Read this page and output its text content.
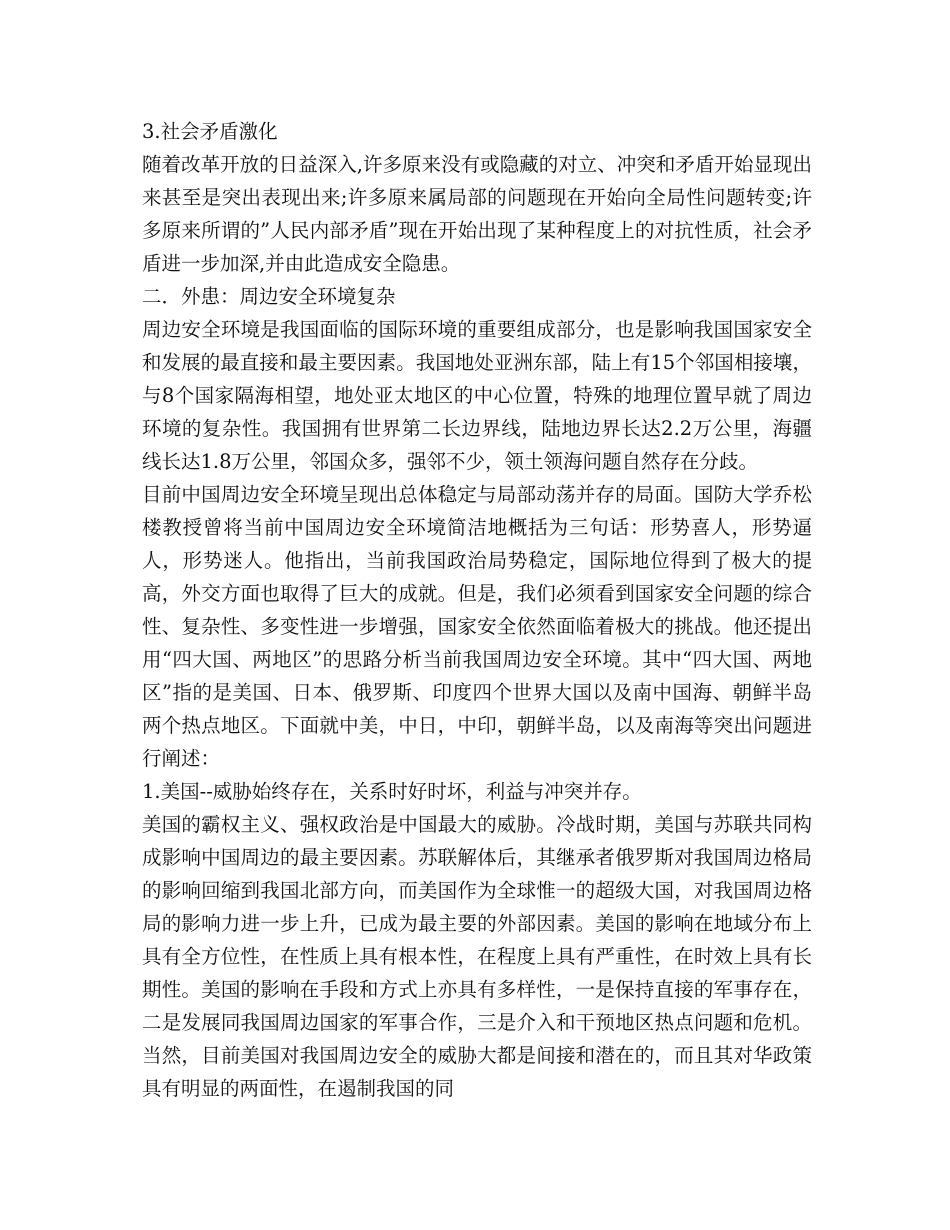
3.社会矛盾激化

随着改革开放的日益深入,许多原来没有或隐藏的对立、冲突和矛盾开始显现出来甚至是突出表现出来;许多原来属局部的问题现在开始向全局性问题转变;许多原来所谓的”人民内部矛盾”现在开始出现了某种程度上的对抗性质，社会矛盾进一步加深,并由此造成安全隐患。

二．外患：周边安全环境复杂

周边安全环境是我国面临的国际环境的重要组成部分，也是影响我国国家安全和发展的最直接和最主要因素。我国地处亚洲东部，陆上有15个邻国相接壤，与8个国家隔海相望，地处亚太地区的中心位置，特殊的地理位置早就了周边环境的复杂性。我国拥有世界第二长边界线，陆地边界长达2.2万公里，海疆线长达1.8万公里，邻国众多，强邻不少，领土领海问题自然存在分歧。

目前中国周边安全环境呈现出总体稳定与局部动荡并存的局面。国防大学乔松楼教授曾将当前中国周边安全环境简洁地概括为三句话：形势喜人，形势逼人，形势迷人。他指出，当前我国政治局势稳定，国际地位得到了极大的提高，外交方面也取得了巨大的成就。但是，我们必须看到国家安全问题的综合性、复杂性、多变性进一步增强，国家安全依然面临着极大的挑战。他还提出用“四大国、两地区”的思路分析当前我国周边安全环境。其中“四大国、两地区”指的是美国、日本、俄罗斯、印度四个世界大国以及南中国海、朝鲜半岛两个热点地区。下面就中美，中日，中印，朝鲜半岛，以及南海等突出问题进行阐述：

1.美国--威胁始终存在，关系时好时坏，利益与冲突并存。

美国的霸权主义、强权政治是中国最大的威胁。冷战时期，美国与苏联共同构成影响中国周边的最主要因素。苏联解体后，其继承者俄罗斯对我国周边格局的影响回缩到我国北部方向，而美国作为全球惟一的超级大国，对我国周边格局的影响力进一步上升，已成为最主要的外部因素。美国的影响在地域分布上具有全方位性，在性质上具有根本性，在程度上具有严重性，在时效上具有长期性。美国的影响在手段和方式上亦具有多样性，一是保持直接的军事存在，二是发展同我国周边国家的军事合作，三是介入和干预地区热点问题和危机。当然，目前美国对我国周边安全的威胁大都是间接和潜在的，而且其对华政策具有明显的两面性，在遏制我国的同
